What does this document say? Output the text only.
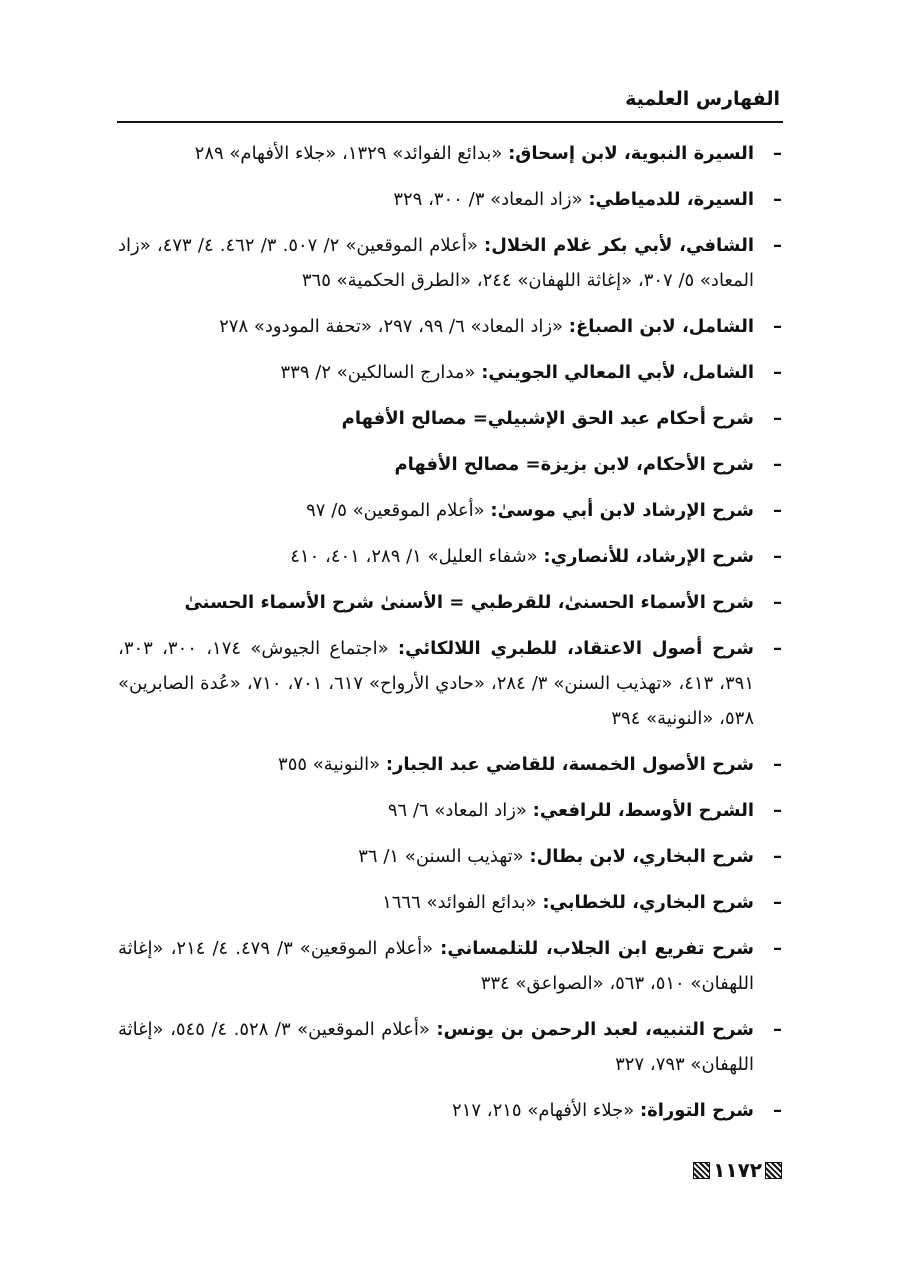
الفهارس العلمية
–
السيرة النبوية، لابن إسحاق: «بدائع الفوائد» ١٣٢٩، «جلاء الأفهام» ٢٨٩
–
السيرة، للدمياطي: «زاد المعاد» ٣/ ٣٠٠، ٣٢٩
–
الشافي، لأبي بكر غلام الخلال: «أعلام الموقعين» ٢/ ٥٠٧. ٣/ ٤٦٢. ٤/ ٤٧٣، «زاد المعاد» ٥/ ٣٠٧، «إغاثة اللهفان» ٢٤٤، «الطرق الحكمية» ٣٦٥
–
الشامل، لابن الصباغ: «زاد المعاد» ٦/ ٩٩، ٢٩٧، «تحفة المودود» ٢٧٨
–
الشامل، لأبي المعالي الجويني: «مدارج السالكين» ٢/ ٣٣٩
–
شرح أحكام عبد الحق الإشبيلي= مصالح الأفهام
–
شرح الأحكام، لابن بزيزة= مصالح الأفهام
–
شرح الإرشاد لابن أبي موسىٰ: «أعلام الموقعين» ٥/ ٩٧
–
شرح الإرشاد، للأنصاري: «شفاء العليل» ١/ ٢٨٩، ٤٠١، ٤١٠
–
شرح الأسماء الحسنىٰ، للقرطبي = الأسنىٰ شرح الأسماء الحسنىٰ
–
شرح أصول الاعتقاد، للطبري اللالكائي: «اجتماع الجيوش» ١٧٤، ٣٠٠، ٣٠٣، ٣٩١، ٤١٣، «تهذيب السنن» ٣/ ٢٨٤، «حادي الأرواح» ٦١٧، ٧٠١، ٧١٠، «عُدة الصابرين» ٥٣٨، «النونية» ٣٩٤
–
شرح الأصول الخمسة، للقاضي عبد الجبار: «النونية» ٣٥٥
–
الشرح الأوسط، للرافعي: «زاد المعاد» ٦/ ٩٦
–
شرح البخاري، لابن بطال: «تهذيب السنن» ١/ ٣٦
–
شرح البخاري، للخطابي: «بدائع الفوائد» ١٦٦٦
–
شرح تفريع ابن الجلاب، للتلمساني: «أعلام الموقعين» ٣/ ٤٧٩. ٤/ ٢١٤، «إغاثة اللهفان» ٥١٠، ٥٦٣، «الصواعق» ٣٣٤
–
شرح التنبيه، لعبد الرحمن بن يونس: «أعلام الموقعين» ٣/ ٥٢٨. ٤/ ٥٤٥، «إغاثة اللهفان» ٧٩٣، ٣٢٧
–
شرح التوراة: «جلاء الأفهام» ٢١٥، ٢١٧
١١٧٢
